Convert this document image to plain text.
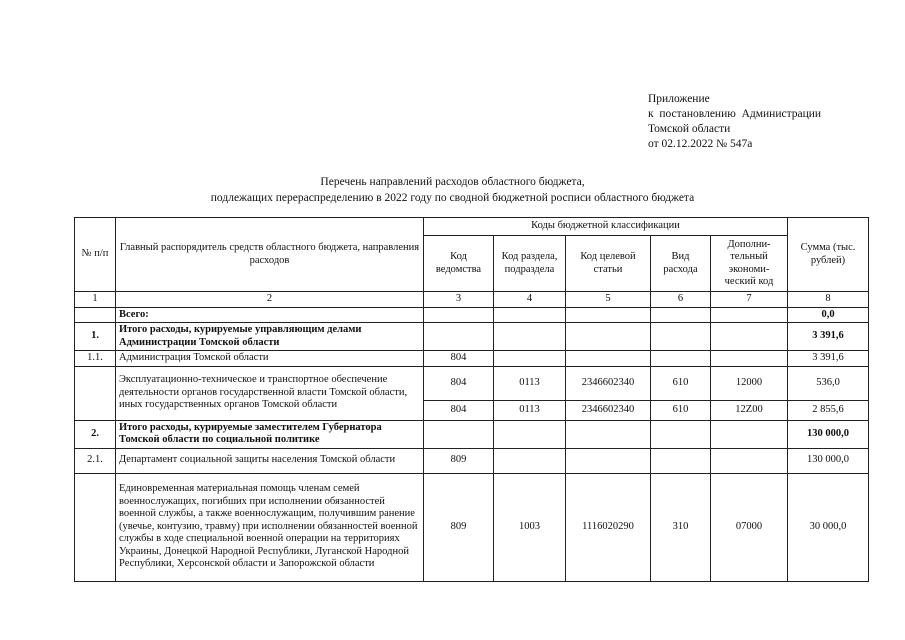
Приложение
к  постановлению  Администрации
Томской области
от 02.12.2022 № 547а
Перечень направлений расходов областного бюджета,
подлежащих перераспределению в 2022 году по сводной бюджетной росписи областного бюджета
№ п/п	Главный распорядитель средств областного бюджета, направления расходов	Коды бюджетной классификации					Сумма (тыс. рублей)
		Код ведомства	Код раздела, подраздела	Код целевой статьи	Вид расхода	Дополни-тельный экономи-ческий код	
1	2	3	4	5	6	7	8
	Всего:						0,0
1.	Итого расходы, курируемые управляющим делами Администрации Томской области						3 391,6
1.1.	Администрация Томской области	804					3 391,6
	Эксплуатационно-техническое и транспортное обеспечение деятельности органов государственной власти Томской области, иных государственных органов Томской области	804	0113	2346602340	610	12000	536,0
		804	0113	2346602340	610	12Z00	2 855,6
2.	Итого расходы, курируемые заместителем Губернатора Томской области по социальной политике						130 000,0
2.1.	Департамент социальной защиты населения Томской области	809					130 000,0
	Единовременная материальная помощь членам семей военнослужащих, погибших при исполнении обязанностей военной службы, а также военнослужащим, получившим ранение (увечье, контузию, травму) при исполнении обязанностей военной службы в ходе специальной военной операции на территориях Украины, Донецкой Народной Республики, Луганской Народной Республики, Херсонской области и Запорожской области	809	1003	1116020290	310	07000	30 000,0
